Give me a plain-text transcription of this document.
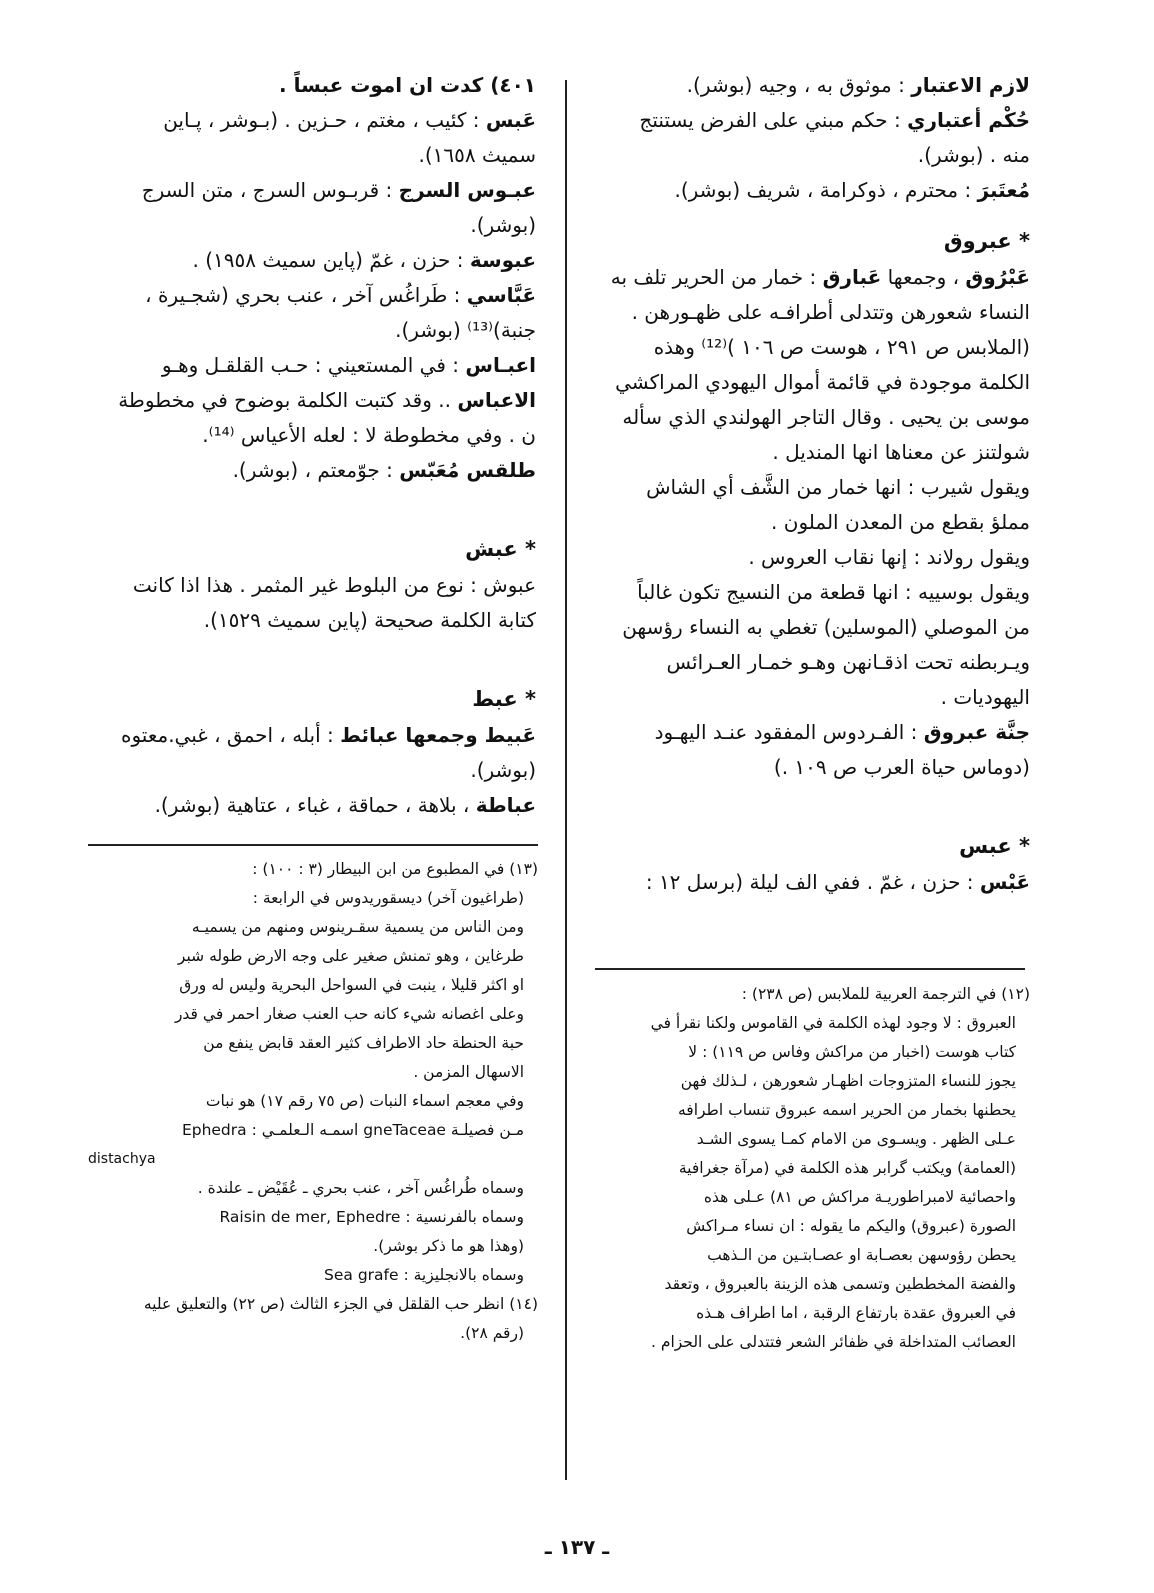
لازم الاعتبار : موثوق به ، وجيه (بوشر).
حُكْم أعتباري : حكم مبني على الفرض يستنتج
منه . (بوشر).
مُعتَبرَ : محترم ، ذوكرامة ، شريف (بوشر).
* عبروق
عَبْرُوق ، وجمعها عَبارق : خمار من الحرير تلف به
النساء شعورهن وتتدلى أطرافـه على ظهـورهن .
(الملابس ص ٢٩١ ، هوست ص ١٠٦ )⁽¹²⁾ وهذه
الكلمة موجودة في قائمة أموال اليهودي المراكشي
موسى بن يحيى . وقال التاجر الهولندي الذي سأله
شولتنز عن معناها انها المنديل .
ويقول شيرب : انها خمار من الشَّف أي الشاش
مملؤ بقطع من المعدن الملون .
ويقول رولاند : إنها نقاب العروس .
ويقول بوسييه : انها قطعة من النسيج تكون غالباً
من الموصلي (الموسلين) تغطي به النساء رؤسهن
ويـربطنه تحت اذقـانهن وهـو خمـار العـرائس
اليهوديات .
جنَّة عبروق : الفـردوس المفقود عنـد اليهـود
(دوماس حياة العرب ص ١٠٩ .)
* عبس
عَبْس : حزن ، غمّ . ففي الف ليلة (برسل ١٢ :
(١٢) في الترجمة العربية للملابس (ص ٢٣٨) :
العبروق : لا وجود لهذه الكلمة في القاموس ولكنا نقرأ في
كتاب هوست (اخبار من مراكش وفاس ص ١١٩) : لا
يجوز للنساء المتزوجات اظهـار شعورهن ، لـذلك فهن
يحطنها بخمار من الحرير اسمه عبروق تنساب اطرافه
عـلى الظهر . ويسـوى من الامام كمـا يسوى الشـد
(العمامة) ويكتب گرابر هذه الكلمة في (مرآة جغرافية
واحصائية لامبراطوريـة مراكش ص ٨١) عـلى هذه
الصورة (عبروق) واليكم ما يقوله : ان نساء مـراكش
يحطن رؤوسهن بعصـابة او عصـابتـين من الـذهب
والفضة المخططين وتسمى هذه الزينة بالعبروق ، وتعقد
في العبروق عقدة بارتفاع الرقبة ، اما اطراف هـذه
العصائب المتداخلة في ظفائر الشعر فتتدلى على الحزام .
٤٠١) كدت ان اموت عبساً .
عَبس : كئيب ، مغتم ، حـزين . (بـوشر ، پـاين
سميث ١٦٥٨).
عبـوس السرج : قربـوس السرج ، متن السرج
(بوشر).
عبوسة : حزن ، غمّ (پاين سميث ١٩٥٨) .
عَبَّاسي : طَراغُس آخر ، عنب بحري (شجـيرة ،
جنبة)⁽¹³⁾ (بوشر).
اعبـاس : في المستعيني : حـب القلقـل وهـو
الاعباس .. وقد كتبت الكلمة بوضوح في مخطوطة
ن . وفي مخطوطة لا : لعله الأعياس ⁽¹⁴⁾.
طلقس مُعَبّس : جوّمعتم ، (بوشر).
* عبش
عبوش : نوع من البلوط غير المثمر . هذا اذا كانت
كتابة الكلمة صحيحة (پاين سميث ١٥٢٩).
* عبط
عَبيط وجمعها عبائط : أبله ، احمق ، غبي.معتوه
(بوشر).
عباطة ، بلاهة ، حماقة ، غباء ، عتاهية (بوشر).
(١٣) في المطبوع من ابن البيطار (٣ : ١٠٠) :
(طراغيون آخر) ديسقوريدوس في الرابعة :
ومن الناس من يسمية سقـرينوس ومنهم من يسميـه
طرغاين ، وهو تمنش صغير على وجه الارض طوله شبر
او اكثر قليلا ، ينبت في السواحل البحرية وليس له ورق
وعلى اغصانه شيء كانه حب العنب صغار احمر في قدر
حبة الحنطة حاد الاطراف كثير العقد قابض ينفع من
الاسهال المزمن .
وفي معجم اسماء النبات (ص ٧٥ رقم ١٧) هو نبات
مـن فصيلـة gneTaceae اسمـه الـعلمـي : Ephedra
distachya
وسماه طُراغُس آخر ، عنب بحري ـ عُقَيْض ـ علندة .
وسماه بالفرنسية : Raisin de mer, Ephedre
(وهذا هو ما ذكر بوشر).
وسماه بالانجليزية : Sea grafe
(١٤) انظر حب القلقل في الجزء الثالث (ص ٢٢) والتعليق عليه
(رقم ٢٨).
ـ ١٣٧ ـ
